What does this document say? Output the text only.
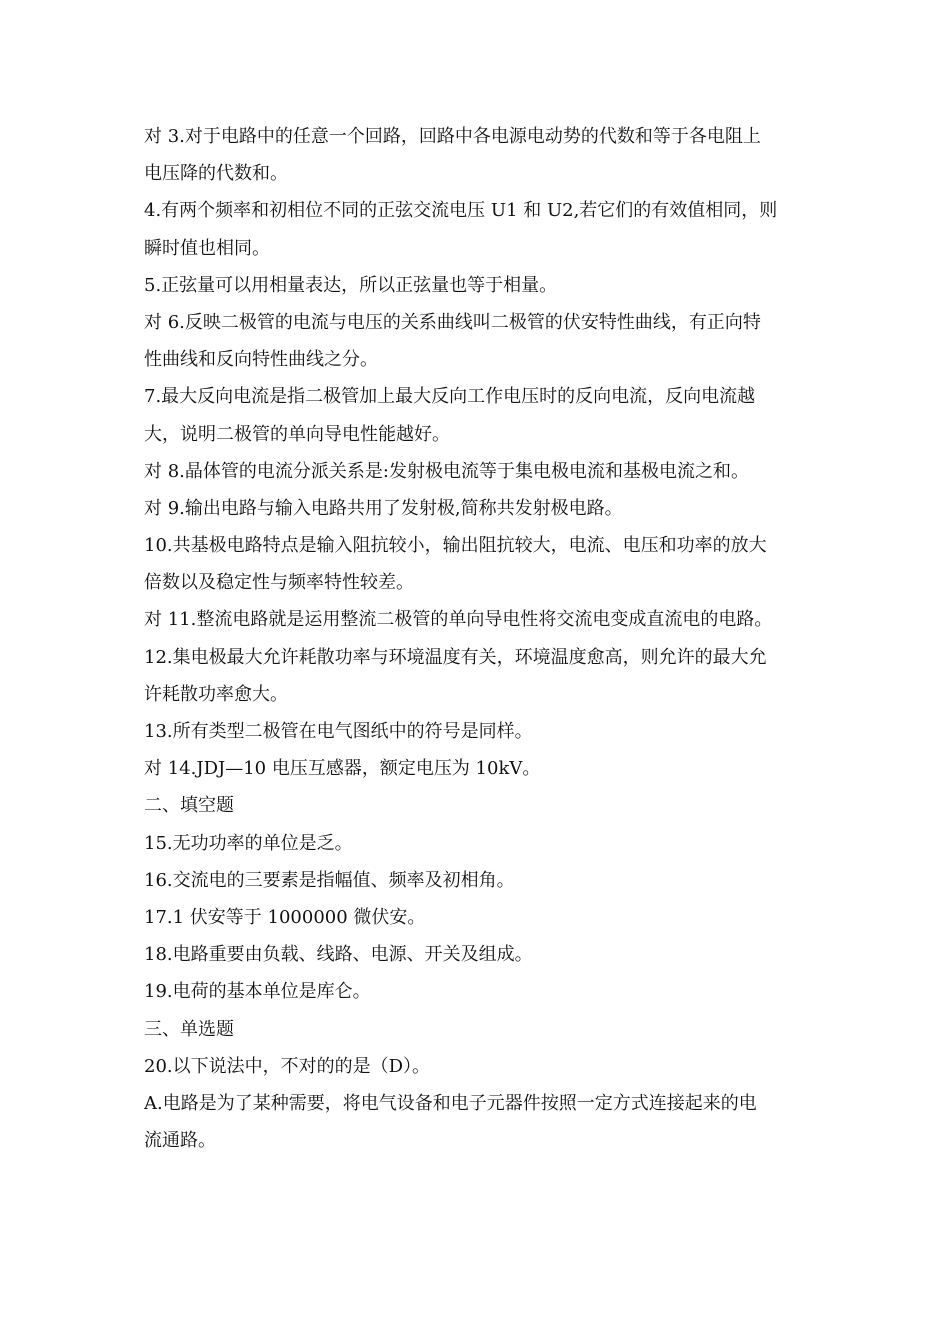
对 3.对于电路中的任意一个回路，回路中各电源电动势的代数和等于各电阻上
电压降的代数和。
4.有两个频率和初相位不同的正弦交流电压 U1 和 U2,若它们的有效值相同，则
瞬时值也相同。
5.正弦量可以用相量表达，所以正弦量也等于相量。
对 6.反映二极管的电流与电压的关系曲线叫二极管的伏安特性曲线，有正向特
性曲线和反向特性曲线之分。
7.最大反向电流是指二极管加上最大反向工作电压时的反向电流，反向电流越
大，说明二极管的单向导电性能越好。
对 8.晶体管的电流分派关系是:发射极电流等于集电极电流和基极电流之和。
对 9.输出电路与输入电路共用了发射极,简称共发射极电路。
10.共基极电路特点是输入阻抗较小，输出阻抗较大，电流、电压和功率的放大
倍数以及稳定性与频率特性较差。
对 11.整流电路就是运用整流二极管的单向导电性将交流电变成直流电的电路。
12.集电极最大允许耗散功率与环境温度有关，环境温度愈高，则允许的最大允
许耗散功率愈大。
13.所有类型二极管在电气图纸中的符号是同样。
对 14.JDJ—10 电压互感器，额定电压为 10kV。
二、填空题
15.无功功率的单位是乏。
16.交流电的三要素是指幅值、频率及初相角。
17.1 伏安等于 1000000 微伏安。
18.电路重要由负载、线路、电源、开关及组成。
19.电荷的基本单位是库仑。
三、单选题
20.以下说法中，不对的的是（D）。
A.电路是为了某种需要，将电气设备和电子元器件按照一定方式连接起来的电
流通路。
